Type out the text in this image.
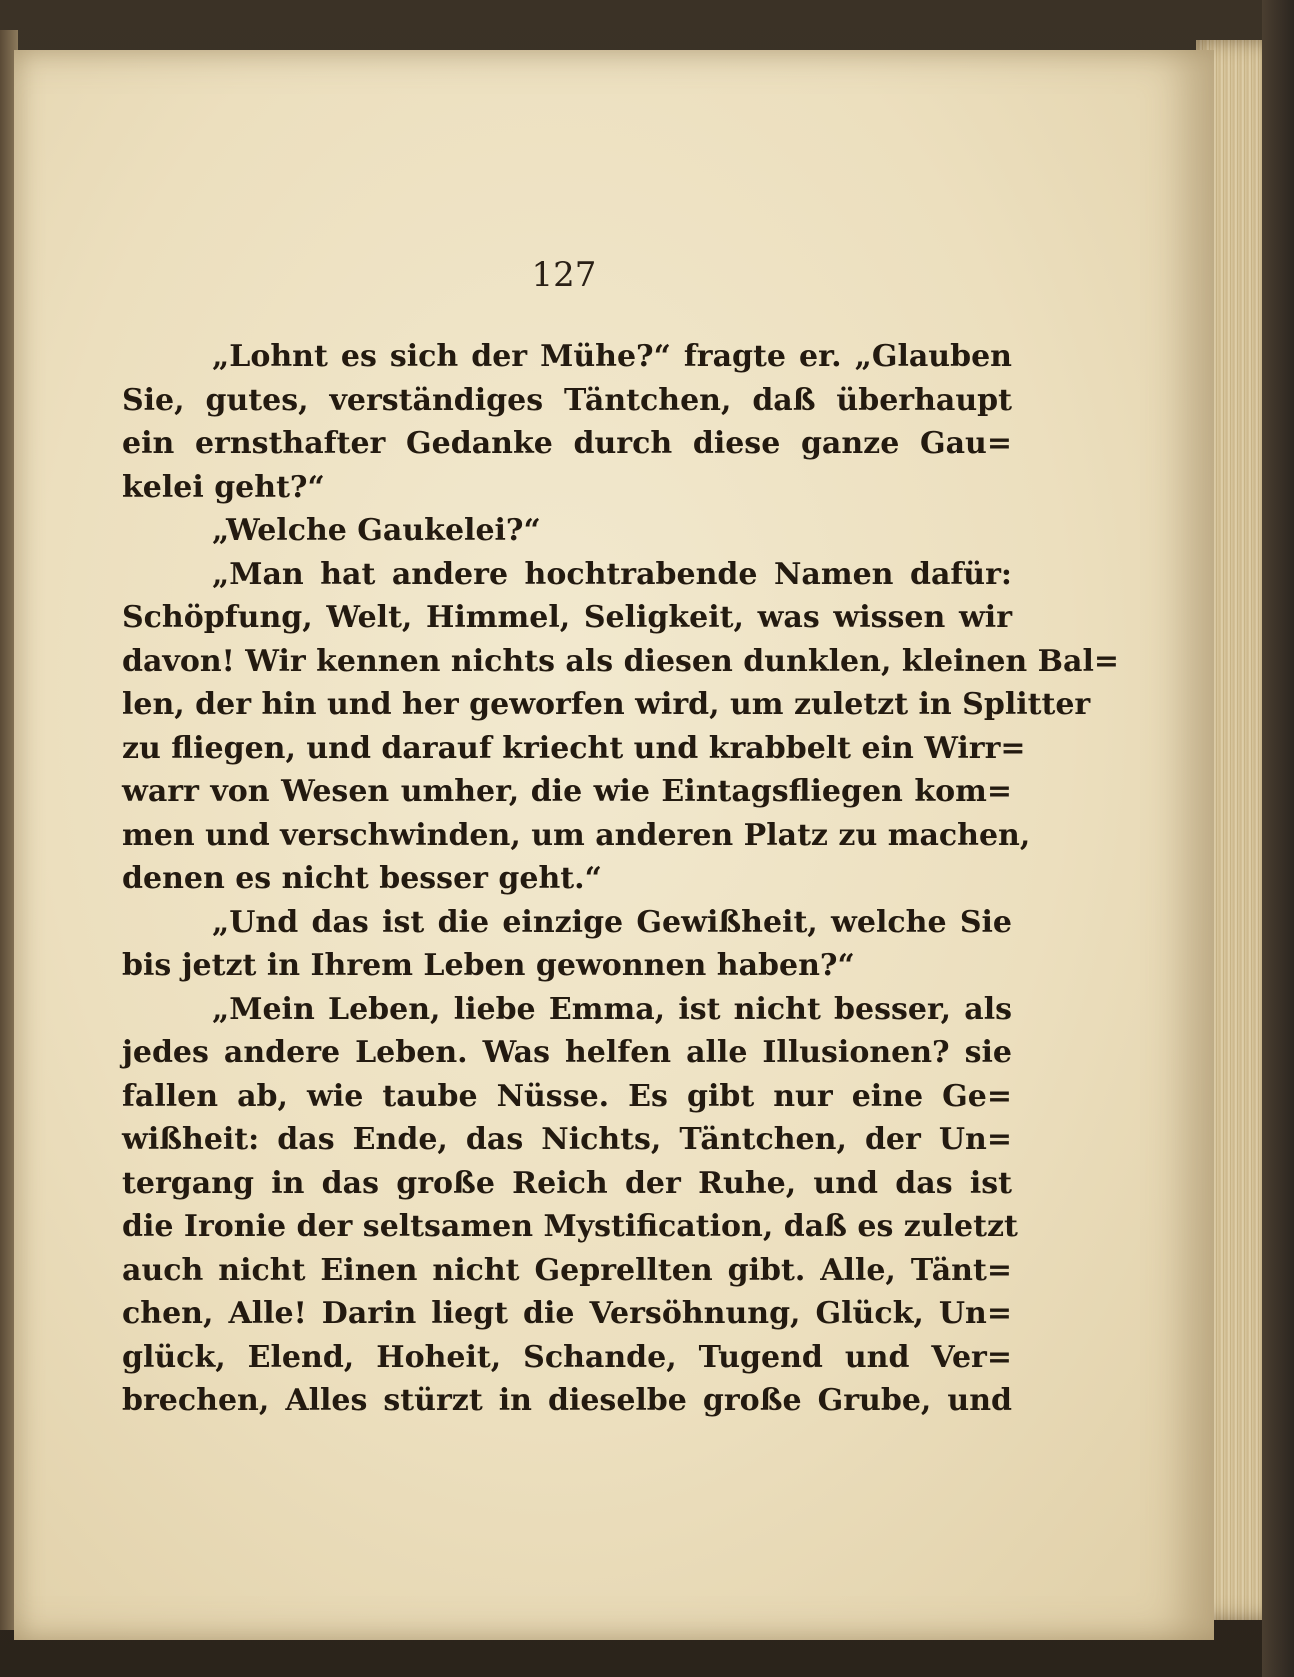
127
„Lohnt es sich der Mühe?“ fragte er. „Glauben
Sie, gutes, verständiges Täntchen, daß überhaupt
ein ernsthafter Gedanke durch diese ganze Gau=
kelei geht?“
„Welche Gaukelei?“
„Man hat andere hochtrabende Namen dafür:
Schöpfung, Welt, Himmel, Seligkeit, was wissen wir
davon! Wir kennen nichts als diesen dunklen, kleinen Bal=
len, der hin und her geworfen wird, um zuletzt in Splitter
zu fliegen, und darauf kriecht und krabbelt ein Wirr=
warr von Wesen umher, die wie Eintagsfliegen kom=
men und verschwinden, um anderen Platz zu machen,
denen es nicht besser geht.“
„Und das ist die einzige Gewißheit, welche Sie
bis jetzt in Ihrem Leben gewonnen haben?“
„Mein Leben, liebe Emma, ist nicht besser, als
jedes andere Leben. Was helfen alle Illusionen? sie
fallen ab, wie taube Nüsse. Es gibt nur eine Ge=
wißheit: das Ende, das Nichts, Täntchen, der Un=
tergang in das große Reich der Ruhe, und das ist
die Ironie der seltsamen Mystification, daß es zuletzt
auch nicht Einen nicht Geprellten gibt. Alle, Tänt=
chen, Alle! Darin liegt die Versöhnung, Glück, Un=
glück, Elend, Hoheit, Schande, Tugend und Ver=
brechen, Alles stürzt in dieselbe große Grube, und
